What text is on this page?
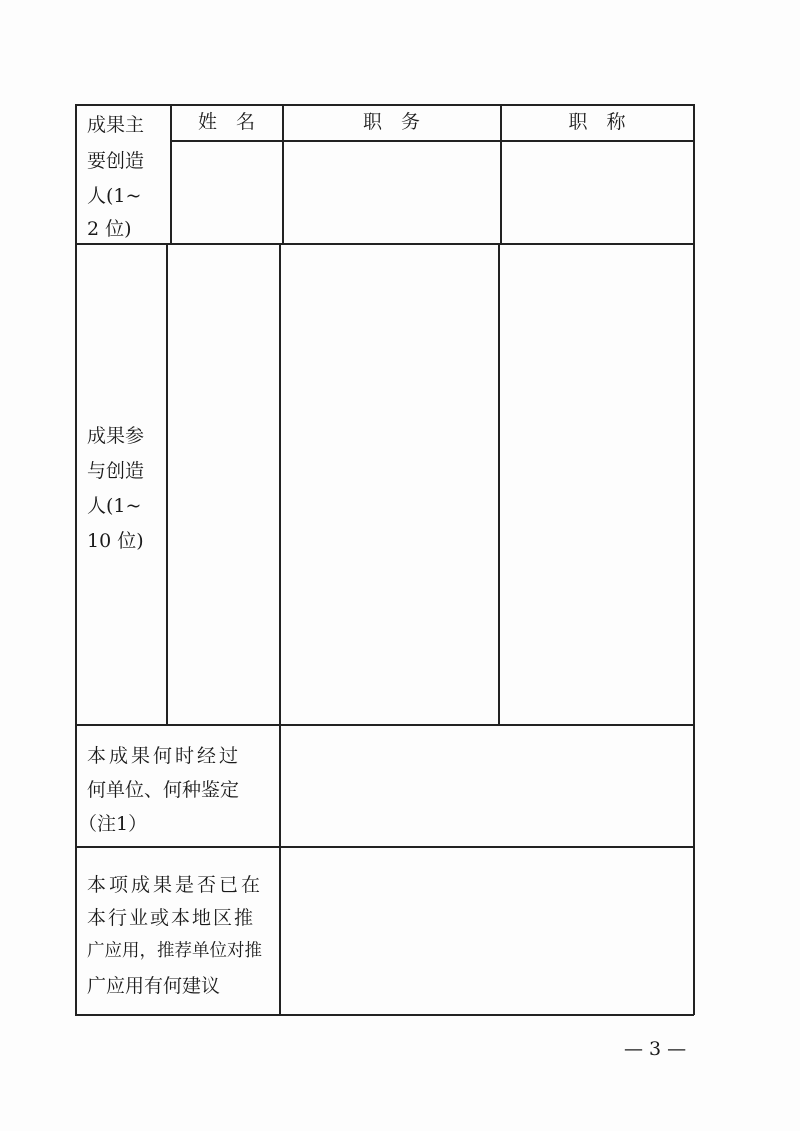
姓　名	职　务	职　称
成果主
要创造
人(1~
2 位)
成果参
与创造
人(1~
10 位)
本成果何时经过
何单位、何种鉴定
（注1）
本项成果是否已在
本行业或本地区推
广应用，推荐单位对推
广应用有何建议
— 3 —
